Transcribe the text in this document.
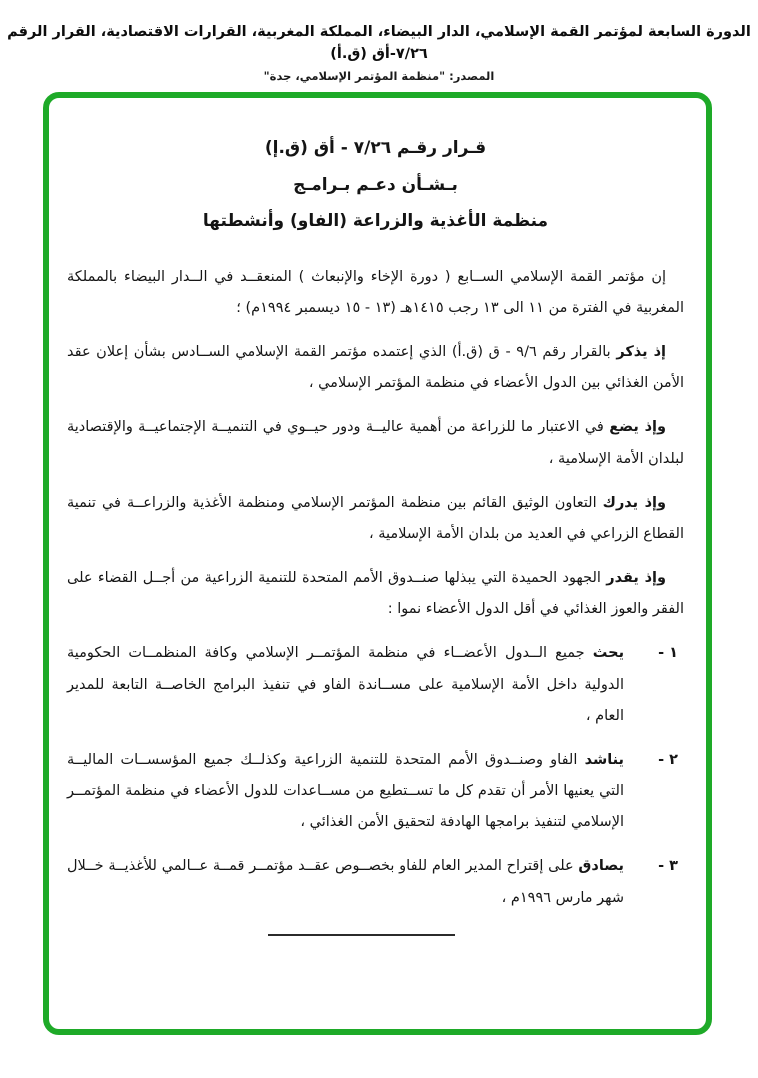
الدورة السابعة لمؤتمر القمة الإسلامي، الدار البيضاء، المملكة المغربية، القرارات الاقتصادية، القرار الرقم ٧/٢٦-أق (ق.أ)
المصدر: "منظمة المؤتمر الإسلامي، جدة"
قـرار رقـم ٧/٢٦ - أق (ق.إ)
بـشـأن دعـم بـرامـج
منظمة الأغذية والزراعة (الفاو) وأنشطتها

إن مؤتمر القمة الإسلامي الســابع ( دورة الإخاء والإنبعاث ) المنعقــد في الــدار البيضاء بالمملكة المغربية في الفترة من ١١ الى ١٣ رجب ١٤١٥هـ (١٣ - ١٥ ديسمبر ١٩٩٤م) ؛

إذ يذكر بالقرار رقم ٩/٦ - ق (ق.أ) الذي إعتمده مؤتمر القمة الإسلامي الســادس بشأن إعلان عقد الأمن الغذائي بين الدول الأعضاء في منظمة المؤتمر الإسلامي ،

وإذ يضع في الاعتبار ما للزراعة من أهمية عاليــة ودور حيــوي في التنميــة الإجتماعيــة والإقتصادية لبلدان الأمة الإسلامية ،

وإذ يدرك التعاون الوثيق القائم بين منظمة المؤتمر الإسلامي ومنظمة الأغذية والزراعــة في تنمية القطاع الزراعي في العديد من بلدان الأمة الإسلامية ،

وإذ يقدر الجهود الحميدة التي يبذلها صنــدوق الأمم المتحدة للتنمية الزراعية من أجــل القضاء على الفقر والعوز الغذائي في أقل الدول الأعضاء نموا :

١ -
يحث جميع الــدول الأعضــاء في منظمة المؤتمــر الإسلامي وكافة المنظمــات الحكومية الدولية داخل الأمة الإسلامية على مســاندة الفاو في تنفيذ البرامج الخاصــة التابعة للمدير العام ،
٢ -
يناشد الفاو وصنــدوق الأمم المتحدة للتنمية الزراعية وكذلــك جميع المؤسســات الماليــة التي يعنيها الأمر أن تقدم كل ما تســتطيع من مســاعدات للدول الأعضاء في منظمة المؤتمــر الإسلامي لتنفيذ برامجها الهادفة لتحقيق الأمن الغذائي ،
٣ -
يصادق على إقتراح المدير العام للفاو بخصــوص عقــد مؤتمــر قمــة عــالمي للأغذيــة خــلال شهر مارس ١٩٩٦م ،
